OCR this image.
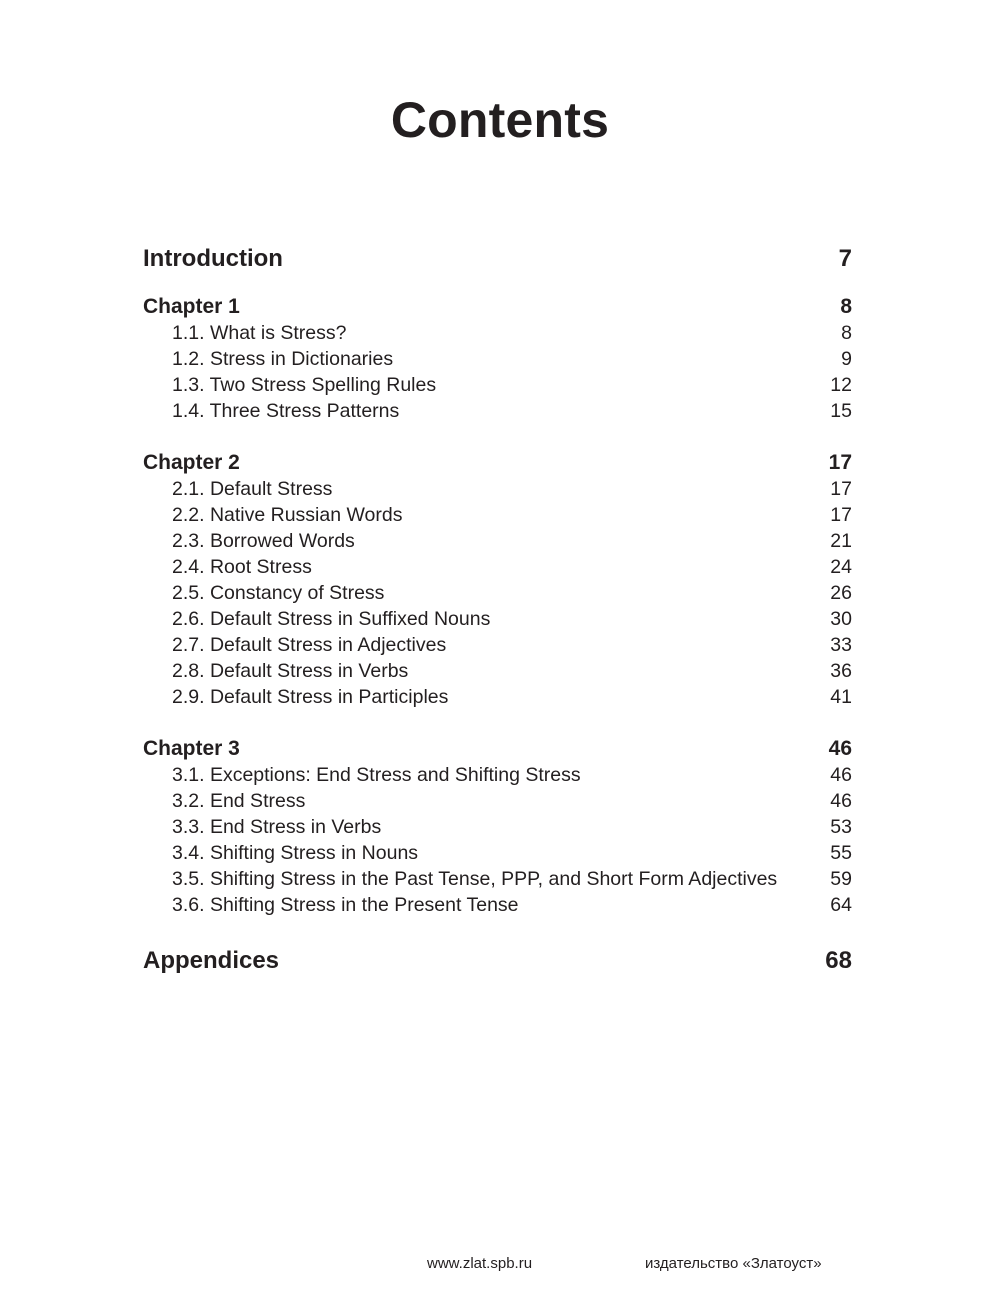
Contents
Introduction	7
Chapter 1	8
1.1. What is Stress?	8
1.2. Stress in Dictionaries	9
1.3. Two Stress Spelling Rules	12
1.4. Three Stress Patterns	15
Chapter 2	17
2.1. Default Stress	17
2.2. Native Russian Words	17
2.3. Borrowed Words	21
2.4. Root Stress	24
2.5. Constancy of Stress	26
2.6. Default Stress in Suffixed Nouns	30
2.7. Default Stress in Adjectives	33
2.8. Default Stress in Verbs	36
2.9. Default Stress in Participles	41
Chapter 3	46
3.1. Exceptions: End Stress and Shifting Stress	46
3.2. End Stress	46
3.3. End Stress in Verbs	53
3.4. Shifting Stress in Nouns	55
3.5. Shifting Stress in the Past Tense, PPP, and Short Form Adjectives	59
3.6. Shifting Stress in the Present Tense	64
Appendices	68
www.zlat.spb.ru	издательство «Златоуст»
